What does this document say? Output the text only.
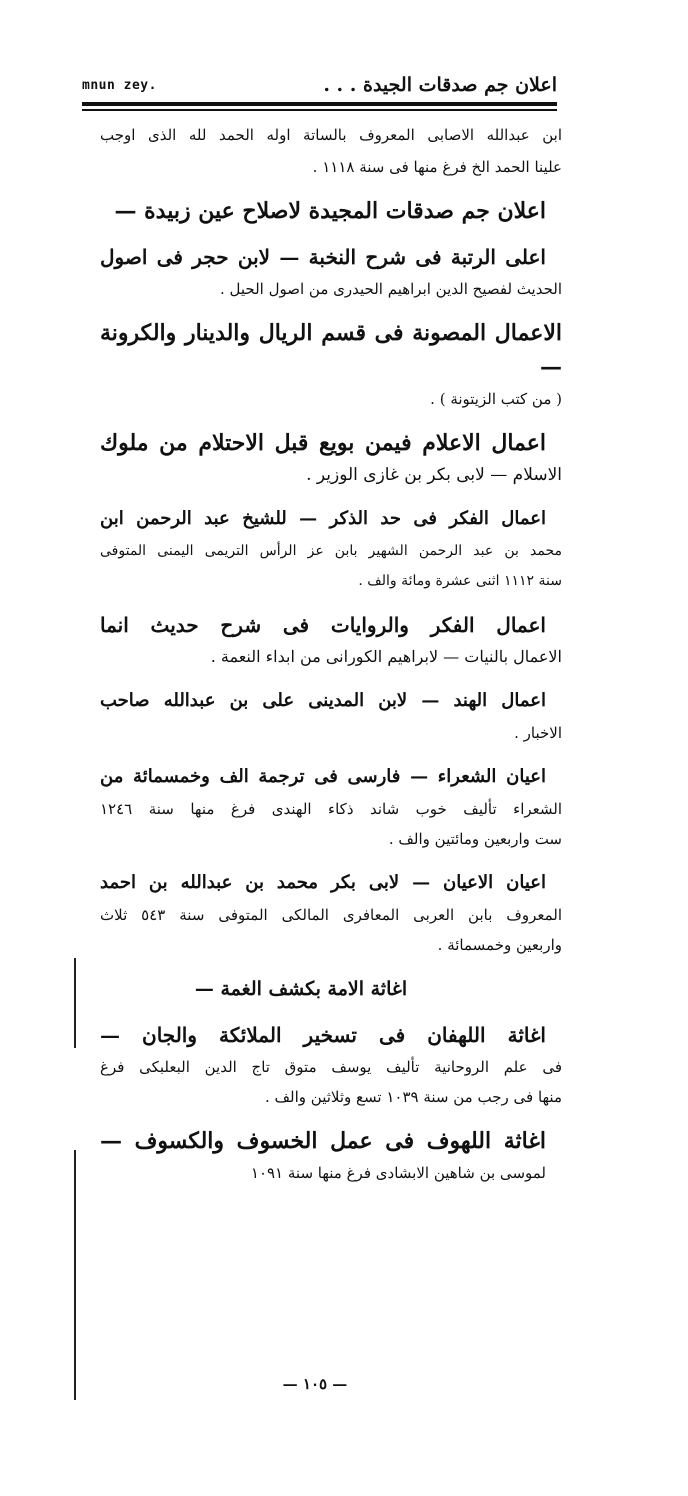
اعلان جم صدقات الجيدة . . .
mnun zey.
ابن عبدالله الاصابی المعروف بالساتة اوله الحمد لله الذى اوجب
علينا الحمد الخ فرغ منها فى سنة ١١١٨ .
اعلان جم صدقات المجيدة لاصلاح عين زبيدة —
اعلى الرتبة فى شرح النخبة — لابن حجر فى اصول
الحديث لفصيح الدين ابراهيم الحيدرى من اصول الحيل .
الاعمال المصونة فى قسم الريال والدينار والكرونة —
( من كتب الزيتونة ) .
اعمال الاعلام فيمن بويع قبل الاحتلام من ملوك
الاسلام — لابى بكر بن غازى الوزير .
اعمال الفكر فى حد الذكر — للشيخ عبد الرحمن ابن
محمد بن عبد الرحمن الشهير بابن عز الرأس التريمى اليمنى المتوفى
سنة ١١١٢ اثنى عشرة ومائة والف .
اعمال الفكر والروايات فى شرح حديث انما
الاعمال بالنيات — لابراهيم الكورانى من ابداء النعمة .
اعمال الهند — لابن المدينى على بن عبدالله صاحب
الاخبار .
اعيان الشعراء — فارسى فى ترجمة الف وخمسمائة من
الشعراء تأليف خوب شاند ذكاء الهندى فرغ منها سنة ١٢٤٦
ست واربعين ومائتين والف .
اعيان الاعيان — لابى بكر محمد بن عبدالله بن احمد
المعروف بابن العربى المعافرى المالكى المتوفى سنة ٥٤٣ ثلاث
واربعين وخمسمائة .
اغاثة الامة بكشف الغمة —
اغاثة اللهفان فى تسخير الملائكة والجان —
فى علم الروحانية تأليف يوسف متوق تاج الدين البعلبكى فرغ
منها فى رجب من سنة ١٠٣٩ تسع وثلاثين والف .
اغاثة اللهوف فى عمل الخسوف والكسوف —
لموسى بن شاهين الابشادى فرغ منها سنة ١٠٩١
— ١٠٥ —
